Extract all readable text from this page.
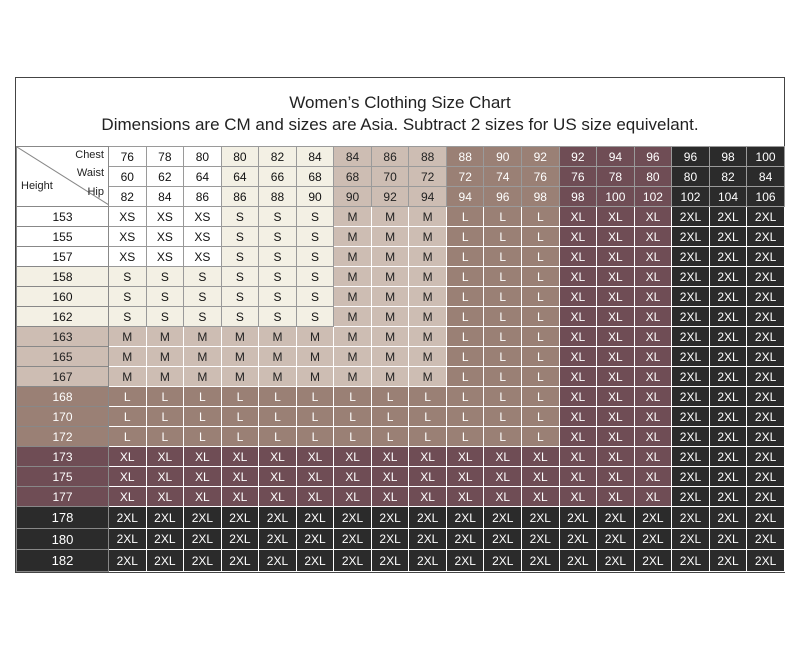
Women’s Clothing Size Chart
Dimensions are CM and sizes are Asia. Subtract 2 sizes for US size equivelant.
Chest
Waist
Hip
Height	76	78	80	80	82	84	84	86	88	88	90	92	92	94	96	96	98	100
	60	62	64	64	66	68	68	70	72	72	74	76	76	78	80	80	82	84
	82	84	86	86	88	90	90	92	94	94	96	98	98	100	102	102	104	106
153	XS	XS	XS	S	S	S	M	M	M	L	L	L	XL	XL	XL	2XL	2XL	2XL
155	XS	XS	XS	S	S	S	M	M	M	L	L	L	XL	XL	XL	2XL	2XL	2XL
157	XS	XS	XS	S	S	S	M	M	M	L	L	L	XL	XL	XL	2XL	2XL	2XL
158	S	S	S	S	S	S	M	M	M	L	L	L	XL	XL	XL	2XL	2XL	2XL
160	S	S	S	S	S	S	M	M	M	L	L	L	XL	XL	XL	2XL	2XL	2XL
162	S	S	S	S	S	S	M	M	M	L	L	L	XL	XL	XL	2XL	2XL	2XL
163	M	M	M	M	M	M	M	M	M	L	L	L	XL	XL	XL	2XL	2XL	2XL
165	M	M	M	M	M	M	M	M	M	L	L	L	XL	XL	XL	2XL	2XL	2XL
167	M	M	M	M	M	M	M	M	M	L	L	L	XL	XL	XL	2XL	2XL	2XL
168	L	L	L	L	L	L	L	L	L	L	L	L	XL	XL	XL	2XL	2XL	2XL
170	L	L	L	L	L	L	L	L	L	L	L	L	XL	XL	XL	2XL	2XL	2XL
172	L	L	L	L	L	L	L	L	L	L	L	L	XL	XL	XL	2XL	2XL	2XL
173	XL	XL	XL	XL	XL	XL	XL	XL	XL	XL	XL	XL	XL	XL	XL	2XL	2XL	2XL
175	XL	XL	XL	XL	XL	XL	XL	XL	XL	XL	XL	XL	XL	XL	XL	2XL	2XL	2XL
177	XL	XL	XL	XL	XL	XL	XL	XL	XL	XL	XL	XL	XL	XL	XL	2XL	2XL	2XL
178	2XL	2XL	2XL	2XL	2XL	2XL	2XL	2XL	2XL	2XL	2XL	2XL	2XL	2XL	2XL	2XL	2XL	2XL
180	2XL	2XL	2XL	2XL	2XL	2XL	2XL	2XL	2XL	2XL	2XL	2XL	2XL	2XL	2XL	2XL	2XL	2XL
182	2XL	2XL	2XL	2XL	2XL	2XL	2XL	2XL	2XL	2XL	2XL	2XL	2XL	2XL	2XL	2XL	2XL	2XL
